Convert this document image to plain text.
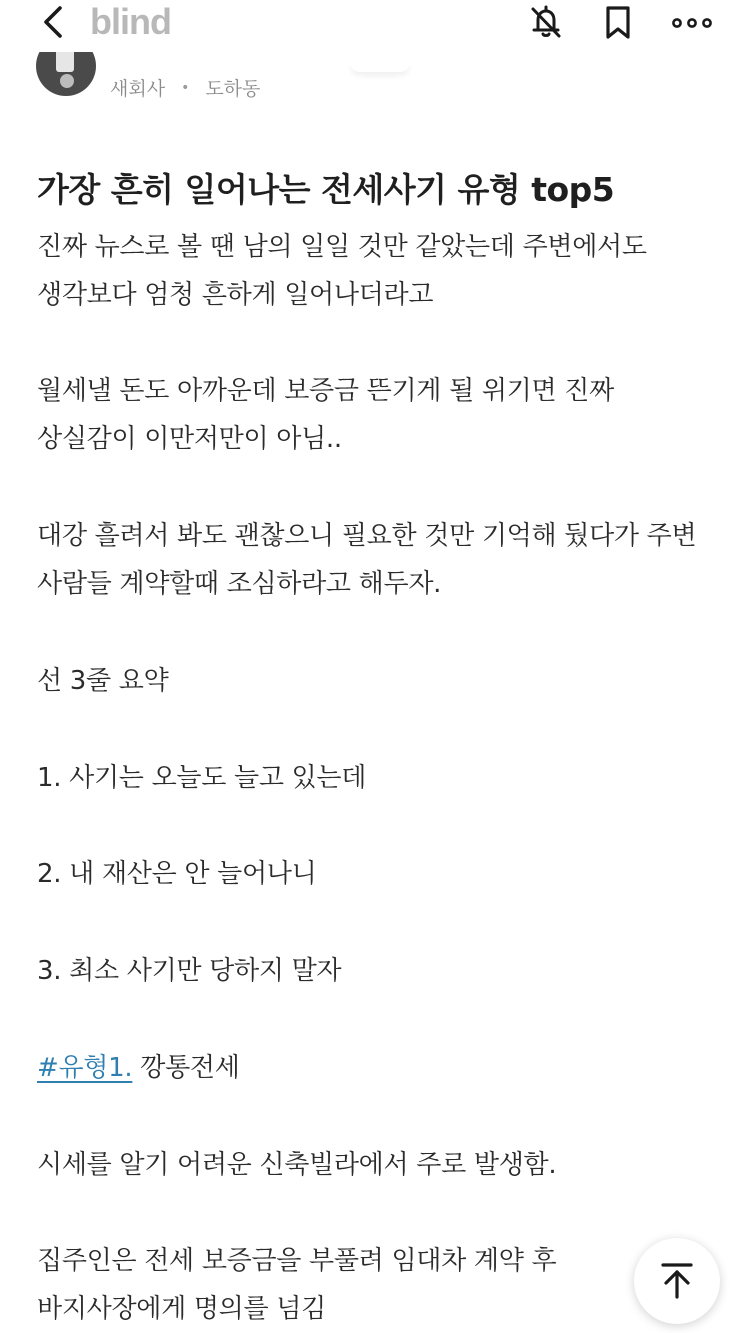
blind
새회사 • 도하동
가장 흔히 일어나는 전세사기 유형 top5
진짜 뉴스로 볼 땐 남의 일일 것만 같았는데 주변에서도
생각보다 엄청 흔하게 일어나더라고
월세낼 돈도 아까운데 보증금 뜬기게 될 위기면 진짜
상실감이 이만저만이 아님..
대강 흘려서 봐도 괜찮으니 필요한 것만 기억해 뒀다가 주변
사람들 계약할때 조심하라고 해두자.
선 3줄 요약
1. 사기는 오늘도 늘고 있는데
2. 내 재산은 안 늘어나니
3. 최소 사기만 당하지 말자
#유형1. 깡통전세
시세를 알기 어려운 신축빌라에서 주로 발생함.
집주인은 전세 보증금을 부풀려 임대차 계약 후
바지사장에게 명의를 넘김
